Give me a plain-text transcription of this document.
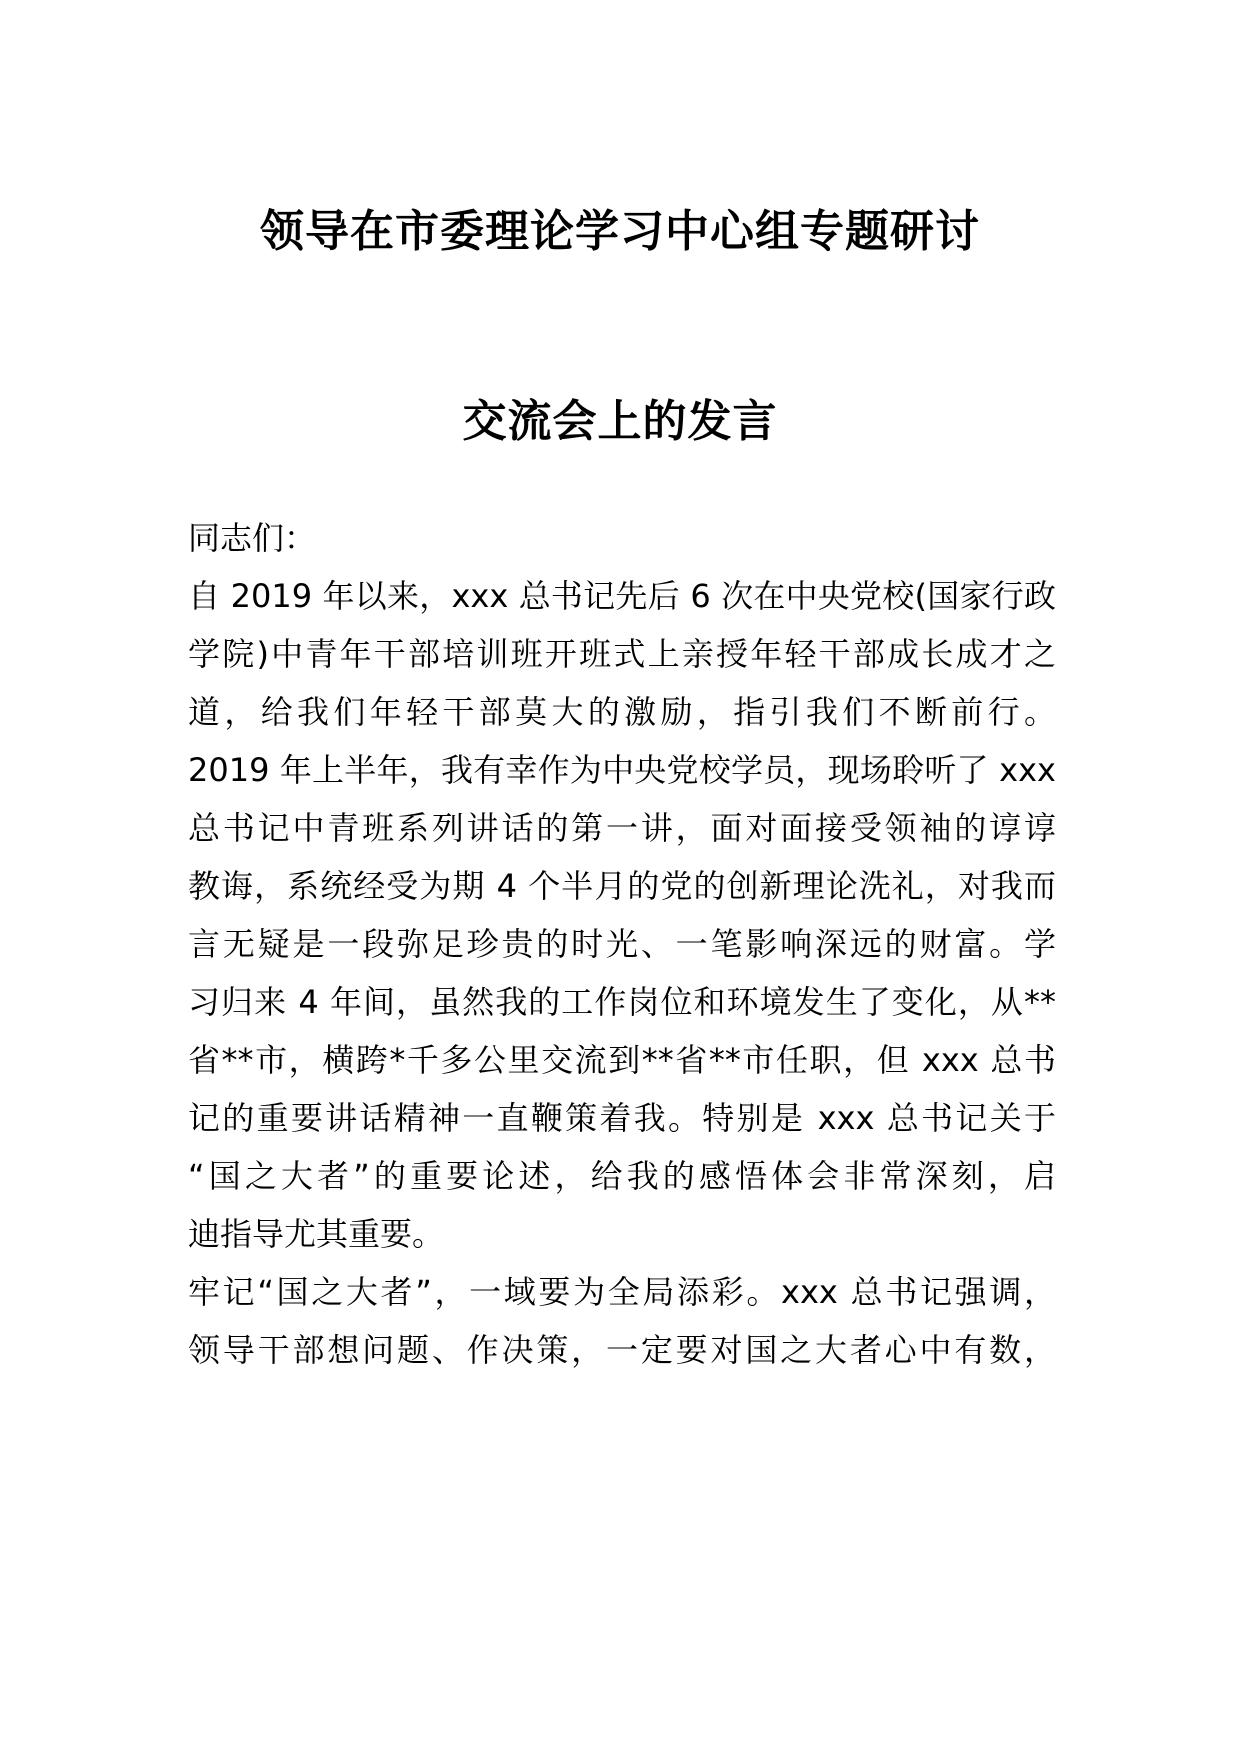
领导在市委理论学习中心组专题研讨
交流会上的发言
同志们：
自 2019 年以来，xxx 总书记先后 6 次在中央党校(国家行政
学院)中青年干部培训班开班式上亲授年轻干部成长成才之
道，给我们年轻干部莫大的激励，指引我们不断前行。
2019 年上半年，我有幸作为中央党校学员，现场聆听了 xxx
总书记中青班系列讲话的第一讲，面对面接受领袖的谆谆
教诲，系统经受为期 4 个半月的党的创新理论洗礼，对我而
言无疑是一段弥足珍贵的时光、一笔影响深远的财富。学
习归来 4 年间，虽然我的工作岗位和环境发生了变化，从**
省**市，横跨*千多公里交流到**省**市任职，但 xxx 总书
记的重要讲话精神一直鞭策着我。特别是 xxx 总书记关于
“国之大者”的重要论述，给我的感悟体会非常深刻，启
迪指导尤其重要。
牢记“国之大者”，一域要为全局添彩。xxx 总书记强调，
领导干部想问题、作决策，一定要对国之大者心中有数，
